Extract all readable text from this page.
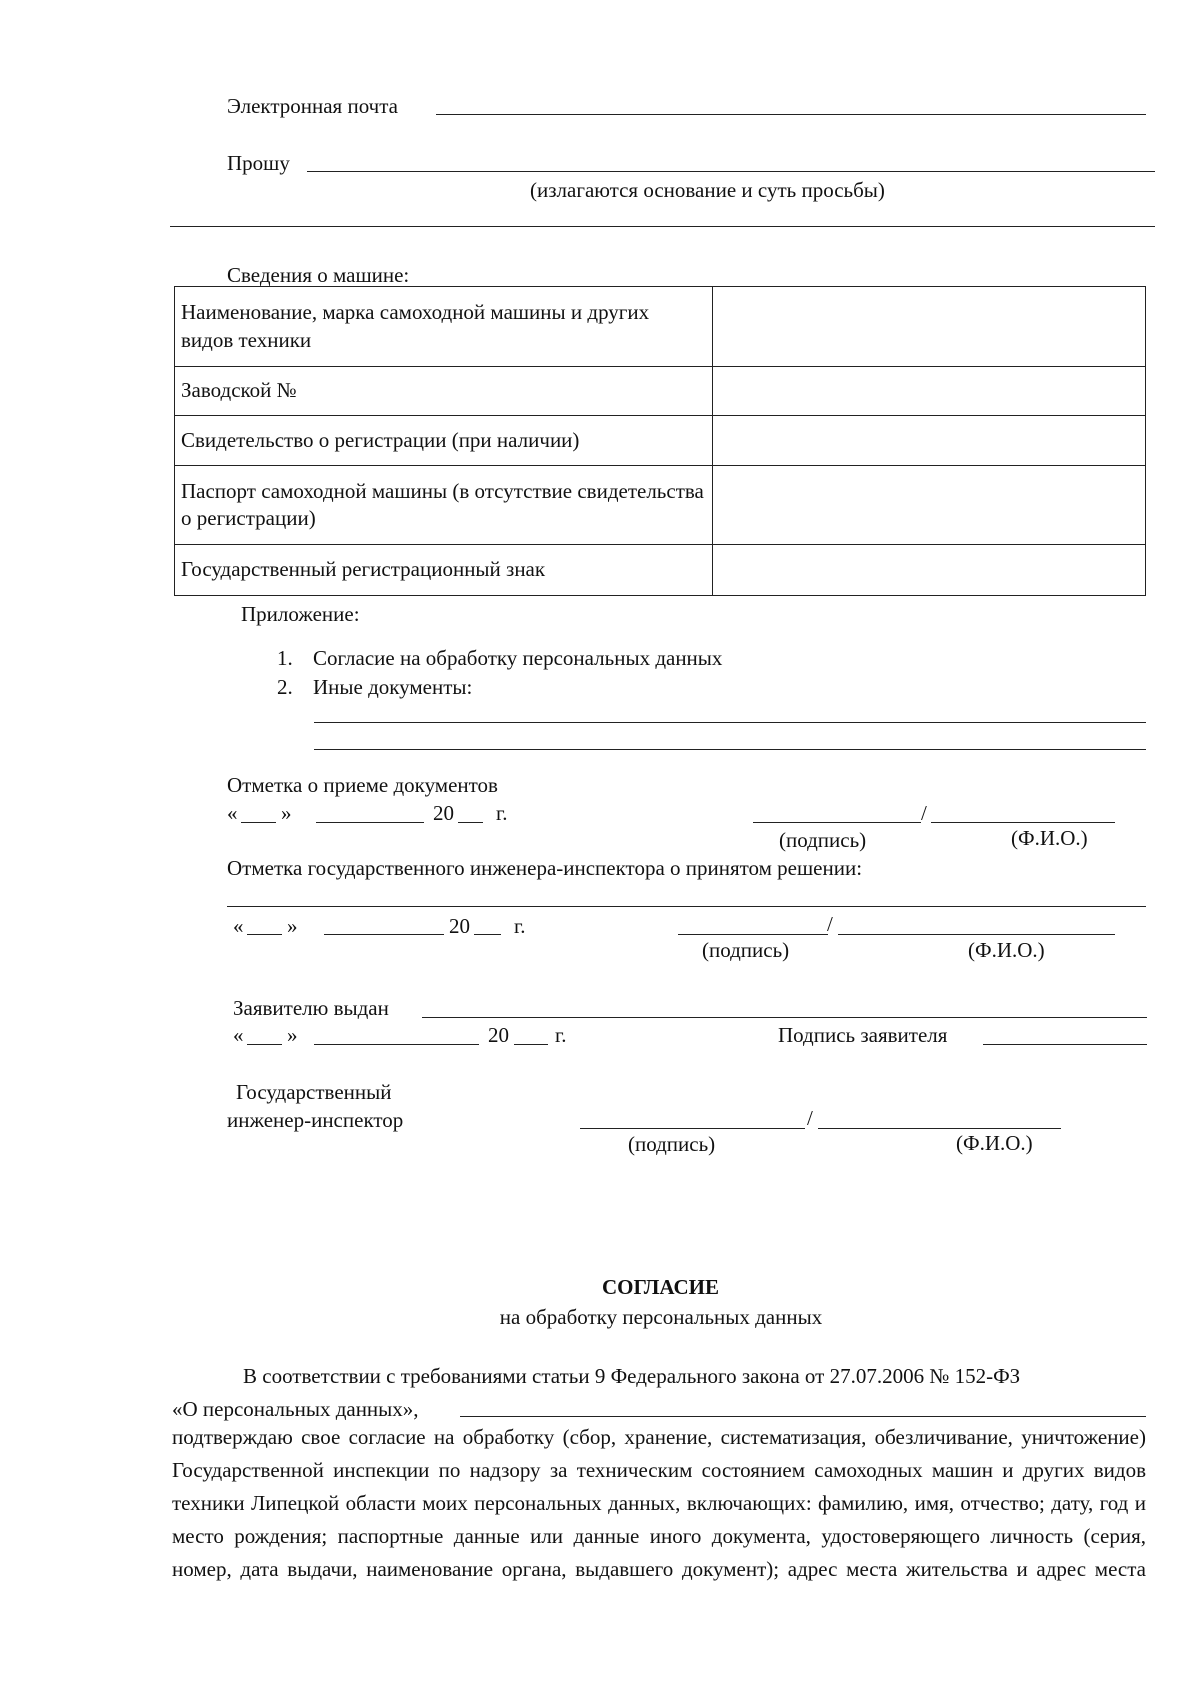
Электронная почта
Прошу
(излагаются основание и суть просьбы)
Сведения о машине:
Наименование, марка самоходной машины и других видов техники	
Заводской №	
Свидетельство о регистрации (при наличии)	
Паспорт самоходной машины (в отсутствие свидетельства о регистрации)	
Государственный регистрационный знак	
Приложение:
1. Согласие на обработку персональных данных
2. Иные документы:
Отметка о приеме документов
« »	20 г.	/
(подпись)	(Ф.И.О.)
Отметка государственного инженера-инспектора о принятом решении:
« »	20 г.	/
(подпись)	(Ф.И.О.)
Заявителю выдан
« »	20 г.	Подпись заявителя
Государственный
инженер-инспектор	/
(подпись)	(Ф.И.О.)
СОГЛАСИЕ
на обработку персональных данных
В соответствии с требованиями статьи 9 Федерального закона от 27.07.2006 № 152-ФЗ
«О персональных данных»,

подтверждаю свое согласие на обработку (сбор, хранение, систематизация, обезличивание, уничтожение) Государственной инспекции по надзору за техническим состоянием самоходных машин и других видов техники Липецкой области моих персональных данных, включающих: фамилию, имя, отчество; дату, год и место рождения; паспортные данные или данные иного документа, удостоверяющего личность (серия, номер, дата выдачи, наименование органа, выдавшего документ); адрес места жительства и адрес места
